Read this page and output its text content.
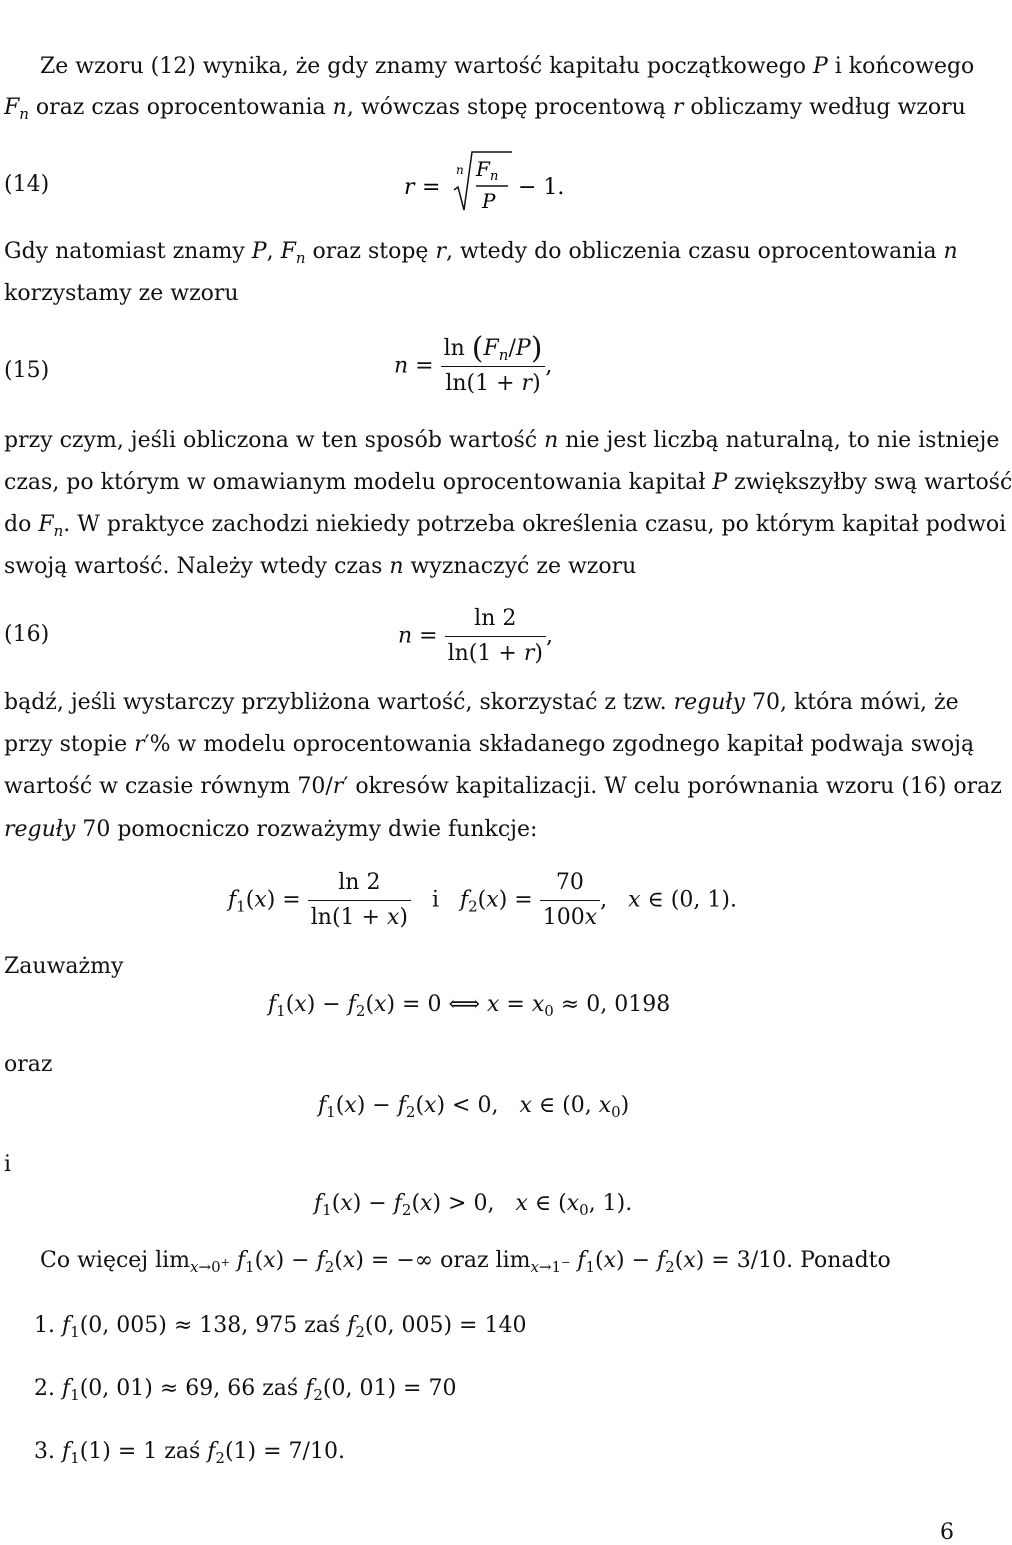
Ze wzoru (12) wynika, że gdy znamy wartość kapitału początkowego P i końcowego
$F_n$ oraz czas oprocentowania n, wówczas stopę procentową r obliczamy według wzoru
(14)	r =
n F n
P
− 1.
Gdy natomiast znamy P, $F_n$ oraz stopę r, wtedy do obliczenia czasu oprocentowania n
korzystamy ze wzoru
(15)	$n = \frac{\ln (F_n/P)}{\ln(1 + r)}$ ,
przy czym, jeśli obliczona w ten sposób wartość n nie jest liczbą naturalną, to nie istnieje
czas, po którym w omawianym modelu oprocentowania kapitał P zwiększyłby swą wartość
do $F_n$. W praktyce zachodzi niekiedy potrzeba określenia czasu, po którym kapitał podwoi
swoją wartość. Należy wtedy czas n wyznaczyć ze wzoru
(16)	$n = \frac{\ln 2}{\ln(1 + r)}$ ,
bądź, jeśli wystarczy przybliżona wartość, skorzystać z tzw. reguły 70, która mówi, że
przy stopie r′% w modelu oprocentowania składanego zgodnego kapitał podwaja swoją
wartość w czasie równym 70/r′ okresów kapitalizacji. W celu porównania wzoru (16) oraz
reguły 70 pomocniczo rozważymy dwie funkcje:
$f_1(x) = \frac{\ln 2}{\ln(1 + x)}$ i   $f_2(x) = \frac{70}{100x}$ ,   x ∈ (0, 1).
Zauważmy
$f_1(x) - f_2(x) = 0$ ⟺ $x = x_0 \approx 0$, 0198
oraz
$f_1(x) - f_2(x) < 0$,   x ∈ (0, $x_0$)
i
$f_1(x) - f_2(x) > 0$,   x ∈ ($x_0$, 1).
Co więcej $\lim_{x\to 0^+} f_1(x) - f_2(x)$ = −∞ oraz $\lim_{x\to 1^-} f_1(x) - f_2(x) = 3/10$. Ponadto
1. $f_1(0$, 005) ≈ 138, 975 zaś $f_2(0$, 005) = 140
2. $f_1(0$, 01) ≈ 69, 66 zaś $f_2(0$, 01) = 70
3. $f_1(1) = 1$ zaś $f_2(1) = 7/10$.
6
